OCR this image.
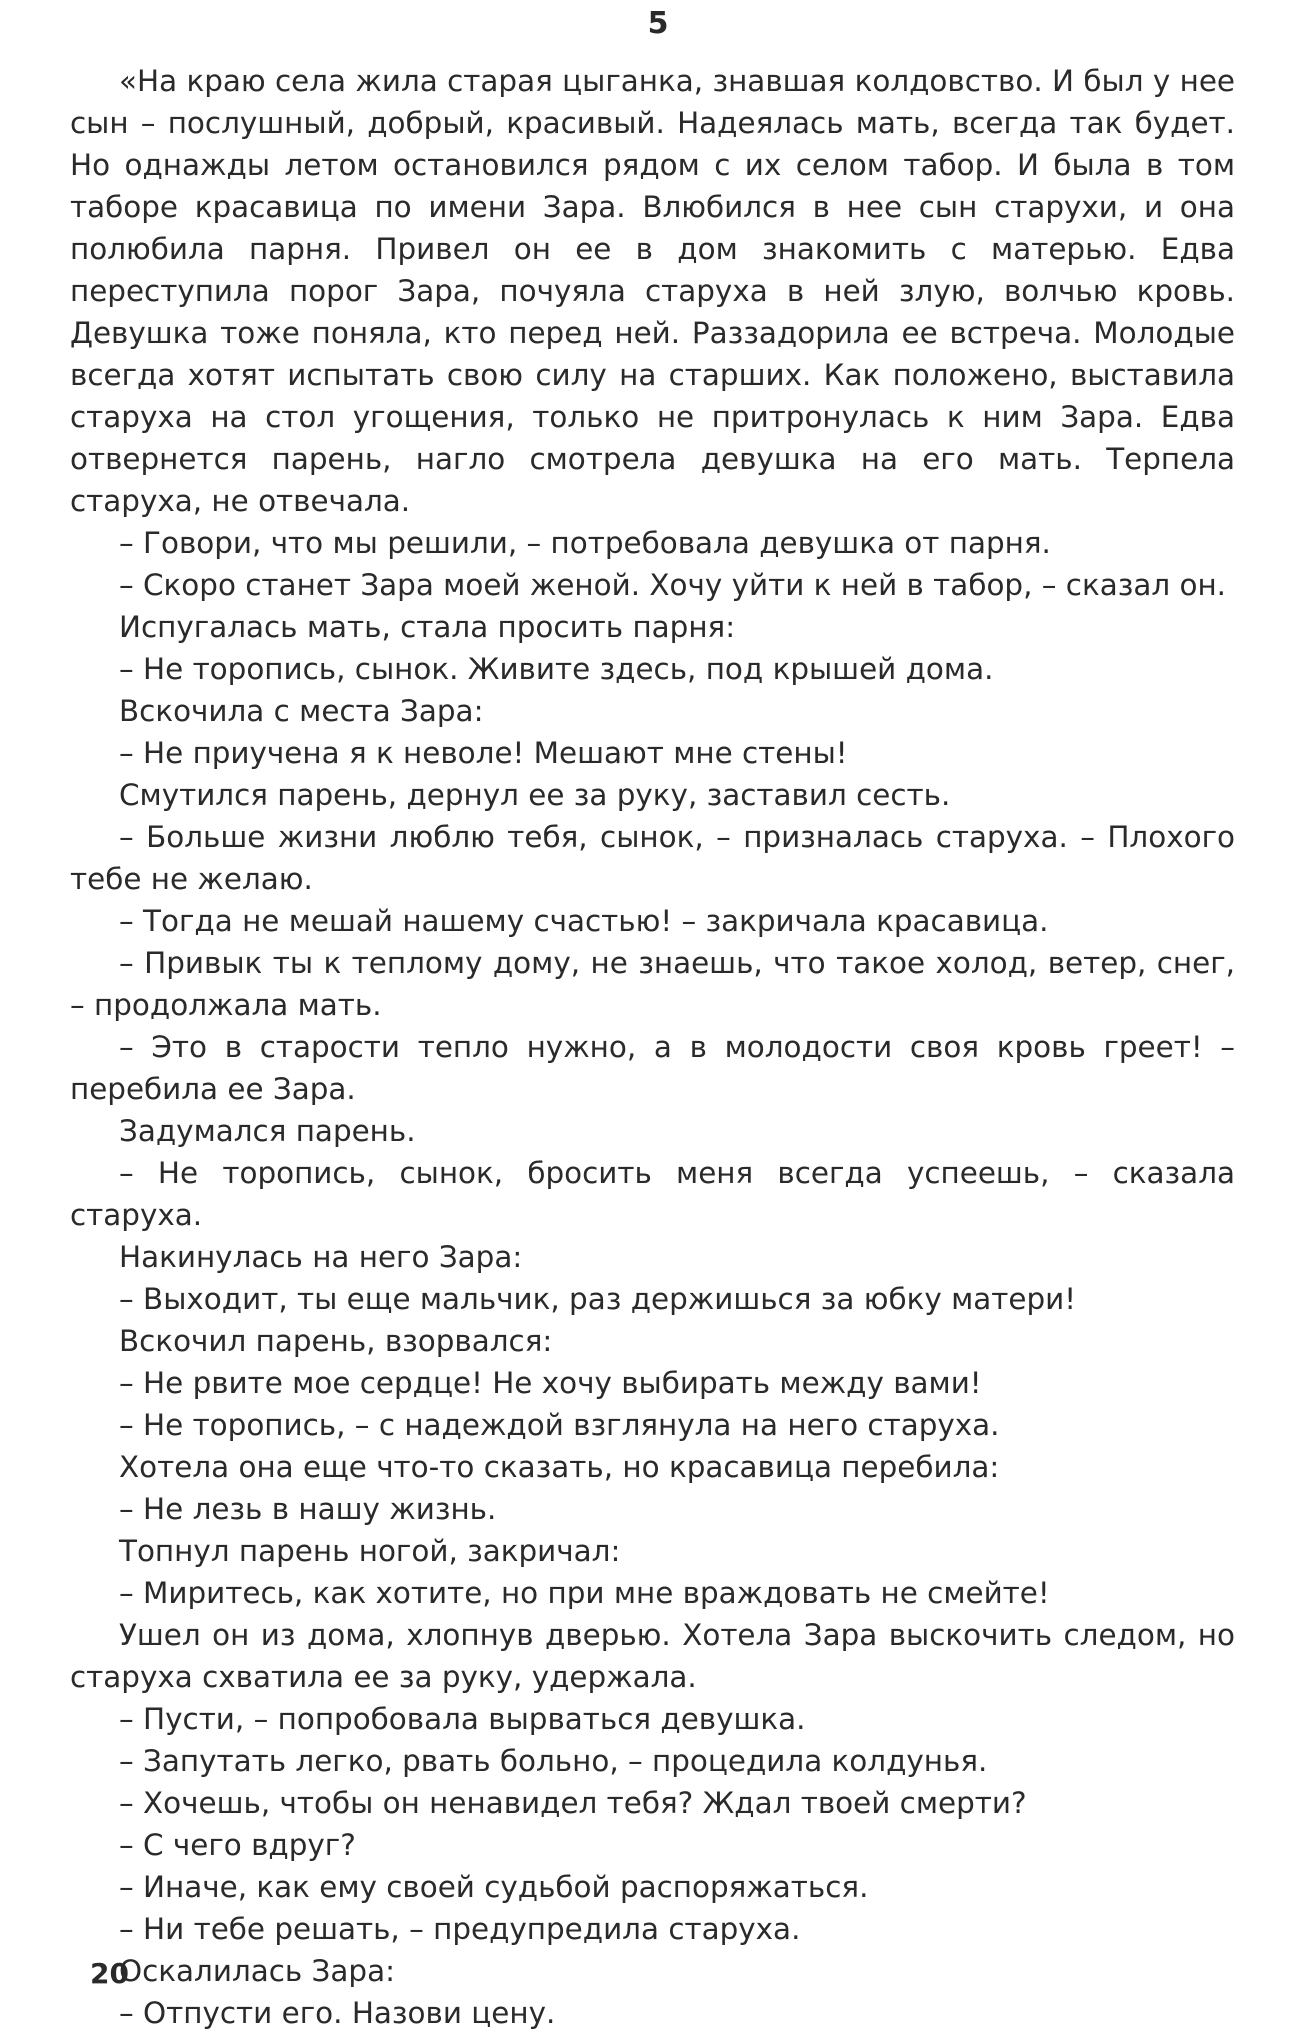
5

«На краю села жила старая цыганка, знавшая колдовство. И был у нее сын – послушный, добрый, красивый. Надеялась мать, всегда так будет. Но однажды летом остановился рядом с их селом табор. И была в том таборе красавица по имени Зара. Влюбился в нее сын старухи, и она полюбила парня. Привел он ее в дом знакомить с матерью. Едва переступила порог Зара, почуяла старуха в ней злую, волчью кровь. Девушка тоже поняла, кто перед ней. Раззадорила ее встреча. Молодые всегда хотят испытать свою силу на старших. Как положено, выставила старуха на стол угощения, только не притронулась к ним Зара. Едва отвернется парень, нагло смотрела девушка на его мать. Терпела старуха, не отвечала.

– Говори, что мы решили, – потребовала девушка от парня.

– Скоро станет Зара моей женой. Хочу уйти к ней в табор, – сказал он.

Испугалась мать, стала просить парня:

– Не торопись, сынок. Живите здесь, под крышей дома.

Вскочила с места Зара:

– Не приучена я к неволе! Мешают мне стены!

Смутился парень, дернул ее за руку, заставил сесть.

– Больше жизни люблю тебя, сынок, – призналась старуха. – Плохого тебе не желаю.

– Тогда не мешай нашему счастью! – закричала красавица.

– Привык ты к теплому дому, не знаешь, что такое холод, ветер, снег, – продолжала мать.

– Это в старости тепло нужно, а в молодости своя кровь греет! – перебила ее Зара.

Задумался парень.

– Не торопись, сынок, бросить меня всегда успеешь, – сказала старуха.

Накинулась на него Зара:

– Выходит, ты еще мальчик, раз держишься за юбку матери!

Вскочил парень, взорвался:

– Не рвите мое сердце! Не хочу выбирать между вами!

– Не торопись, – с надеждой взглянула на него старуха.

Хотела она еще что-то сказать, но красавица перебила:

– Не лезь в нашу жизнь.

Топнул парень ногой, закричал:

– Миритесь, как хотите, но при мне враждовать не смейте!

Ушел он из дома, хлопнув дверью. Хотела Зара выскочить следом, но старуха схватила ее за руку, удержала.

– Пусти, – попробовала вырваться девушка.

– Запутать легко, рвать больно, – процедила колдунья.

– Хочешь, чтобы он ненавидел тебя? Ждал твоей смерти?

– С чего вдруг?

– Иначе, как ему своей судьбой распоряжаться.

– Ни тебе решать, – предупредила старуха.

Оскалилась Зара:

– Отпусти его. Назови цену.

20
